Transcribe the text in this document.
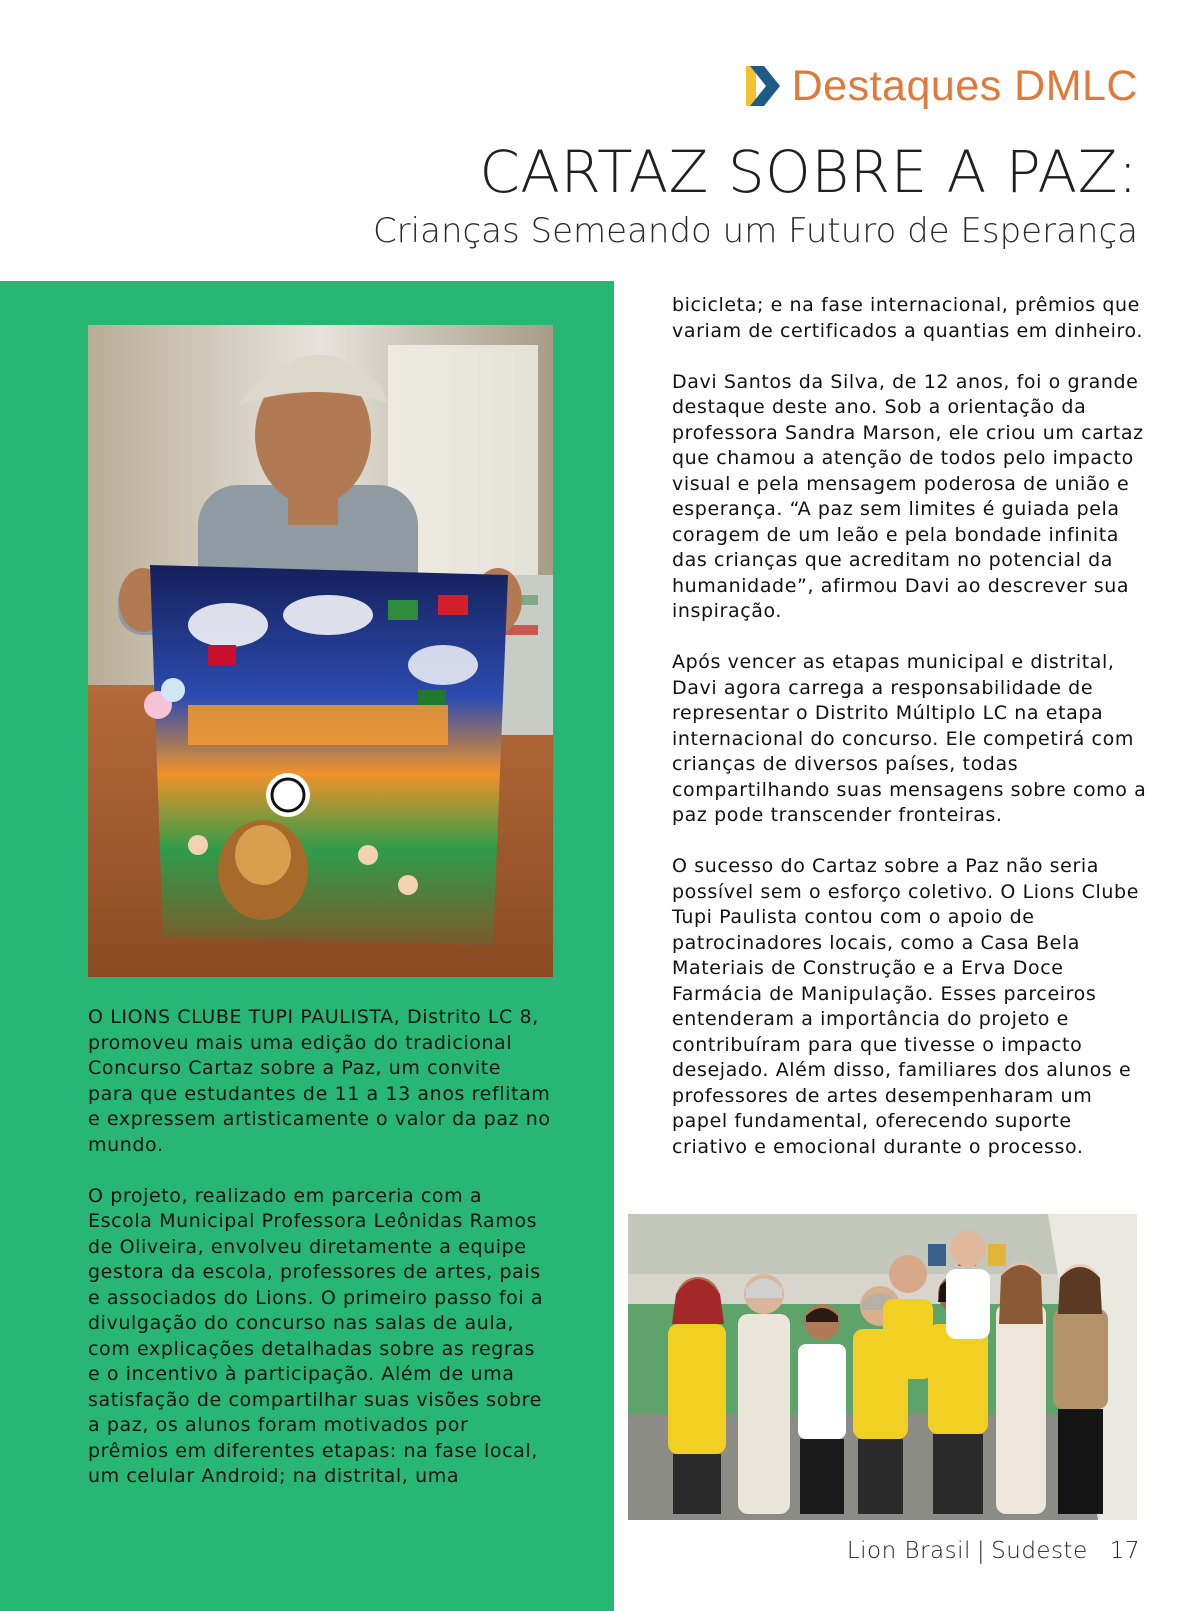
Destaques DMLC
CARTAZ SOBRE A PAZ:
Crianças Semeando um Futuro de Esperança

O LIONS CLUBE TUPI PAULISTA, Distrito LC 8, promoveu mais uma edição do tradicional Concurso Cartaz sobre a Paz, um convite para que estudantes de 11 a 13 anos reflitam e expressem artisticamente o valor da paz no mundo.

O projeto, realizado em parceria com a Escola Municipal Professora Leônidas Ramos de Oliveira, envolveu diretamente a equipe gestora da escola, professores de artes, pais e associados do Lions. O primeiro passo foi a divulgação do concurso nas salas de aula, com explicações detalhadas sobre as regras e o incentivo à participação. Além de uma satisfação de compartilhar suas visões sobre a paz, os alunos foram motivados por prêmios em diferentes etapas: na fase local, um celular Android; na distrital, uma

bicicleta; e na fase internacional, prêmios que variam de certificados a quantias em dinheiro.

Davi Santos da Silva, de 12 anos, foi o grande destaque deste ano. Sob a orientação da professora Sandra Marson, ele criou um cartaz que chamou a atenção de todos pelo impacto visual e pela mensagem poderosa de união e esperança. “A paz sem limites é guiada pela coragem de um leão e pela bondade infinita das crianças que acreditam no potencial da humanidade”, afirmou Davi ao descrever sua inspiração.

Após vencer as etapas municipal e distrital, Davi agora carrega a responsabilidade de representar o Distrito Múltiplo LC na etapa internacional do concurso. Ele competirá com crianças de diversos países, todas compartilhando suas mensagens sobre como a paz pode transcender fronteiras.

O sucesso do Cartaz sobre a Paz não seria possível sem o esforço coletivo. O Lions Clube Tupi Paulista contou com o apoio de patrocinadores locais, como a Casa Bela Materiais de Construção e a Erva Doce Farmácia de Manipulação. Esses parceiros entenderam a importância do projeto e contribuíram para que tivesse o impacto desejado. Além disso, familiares dos alunos e professores de artes desempenharam um papel fundamental, oferecendo suporte criativo e emocional durante o processo.

Lion Brasil | Sudeste 17
